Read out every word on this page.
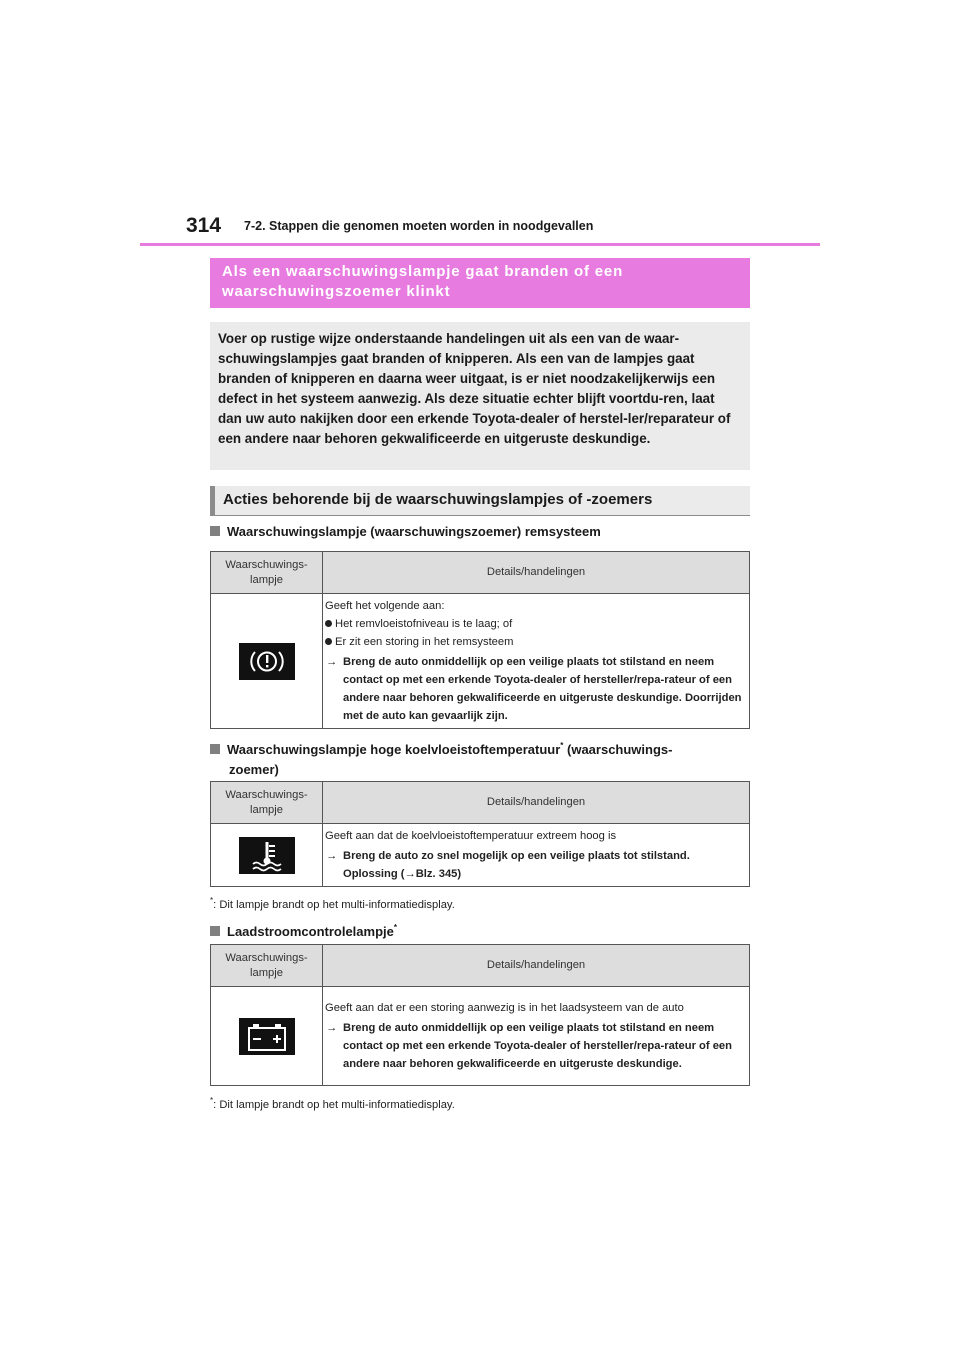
314 7-2. Stappen die genomen moeten worden in noodgevallen
Als een waarschuwingslampje gaat branden of een
waarschuwingszoemer klinkt

Voer op rustige wijze onderstaande handelingen uit als een van de waar-schuwingslampjes gaat branden of knipperen. Als een van de lampjes gaat branden of knipperen en daarna weer uitgaat, is er niet noodzakelijkerwijs een defect in het systeem aanwezig. Als deze situatie echter blijft voortdu-ren, laat dan uw auto nakijken door een erkende Toyota-dealer of herstel-ler/reparateur of een andere naar behoren gekwalificeerde en uitgeruste deskundige.

Acties behorende bij de waarschuwingslampjes of -zoemers
Waarschuwingslampje (waarschuwingszoemer) remsysteem
Waarschuwings-
lampje	Details/handelingen

Geeft het volgende aan:
Het remvloeistofniveau is te laag; of
Er zit een storing in het remsysteem
→ Breng de auto onmiddellijk op een veilige plaats tot stilstand en neem contact op met een erkende Toyota-dealer of hersteller/repa-rateur of een andere naar behoren gekwalificeerde en uitgeruste deskundige. Doorrijden met de auto kan gevaarlijk zijn.
Waarschuwingslampje hoge koelvloeistoftemperatuur* (waarschuwings-
zoemer)
Waarschuwings-
lampje	Details/handelingen

Geeft aan dat de koelvloeistoftemperatuur extreem hoog is
→ Breng de auto zo snel mogelijk op een veilige plaats tot stilstand. Oplossing (→Blz. 345)
*: Dit lampje brandt op het multi-informatiedisplay.
Laadstroomcontrolelampje*
Waarschuwings-
lampje	Details/handelingen

Geeft aan dat er een storing aanwezig is in het laadsysteem van de auto
→ Breng de auto onmiddellijk op een veilige plaats tot stilstand en neem contact op met een erkende Toyota-dealer of hersteller/repa-rateur of een andere naar behoren gekwalificeerde en uitgeruste deskundige.
*: Dit lampje brandt op het multi-informatiedisplay.
